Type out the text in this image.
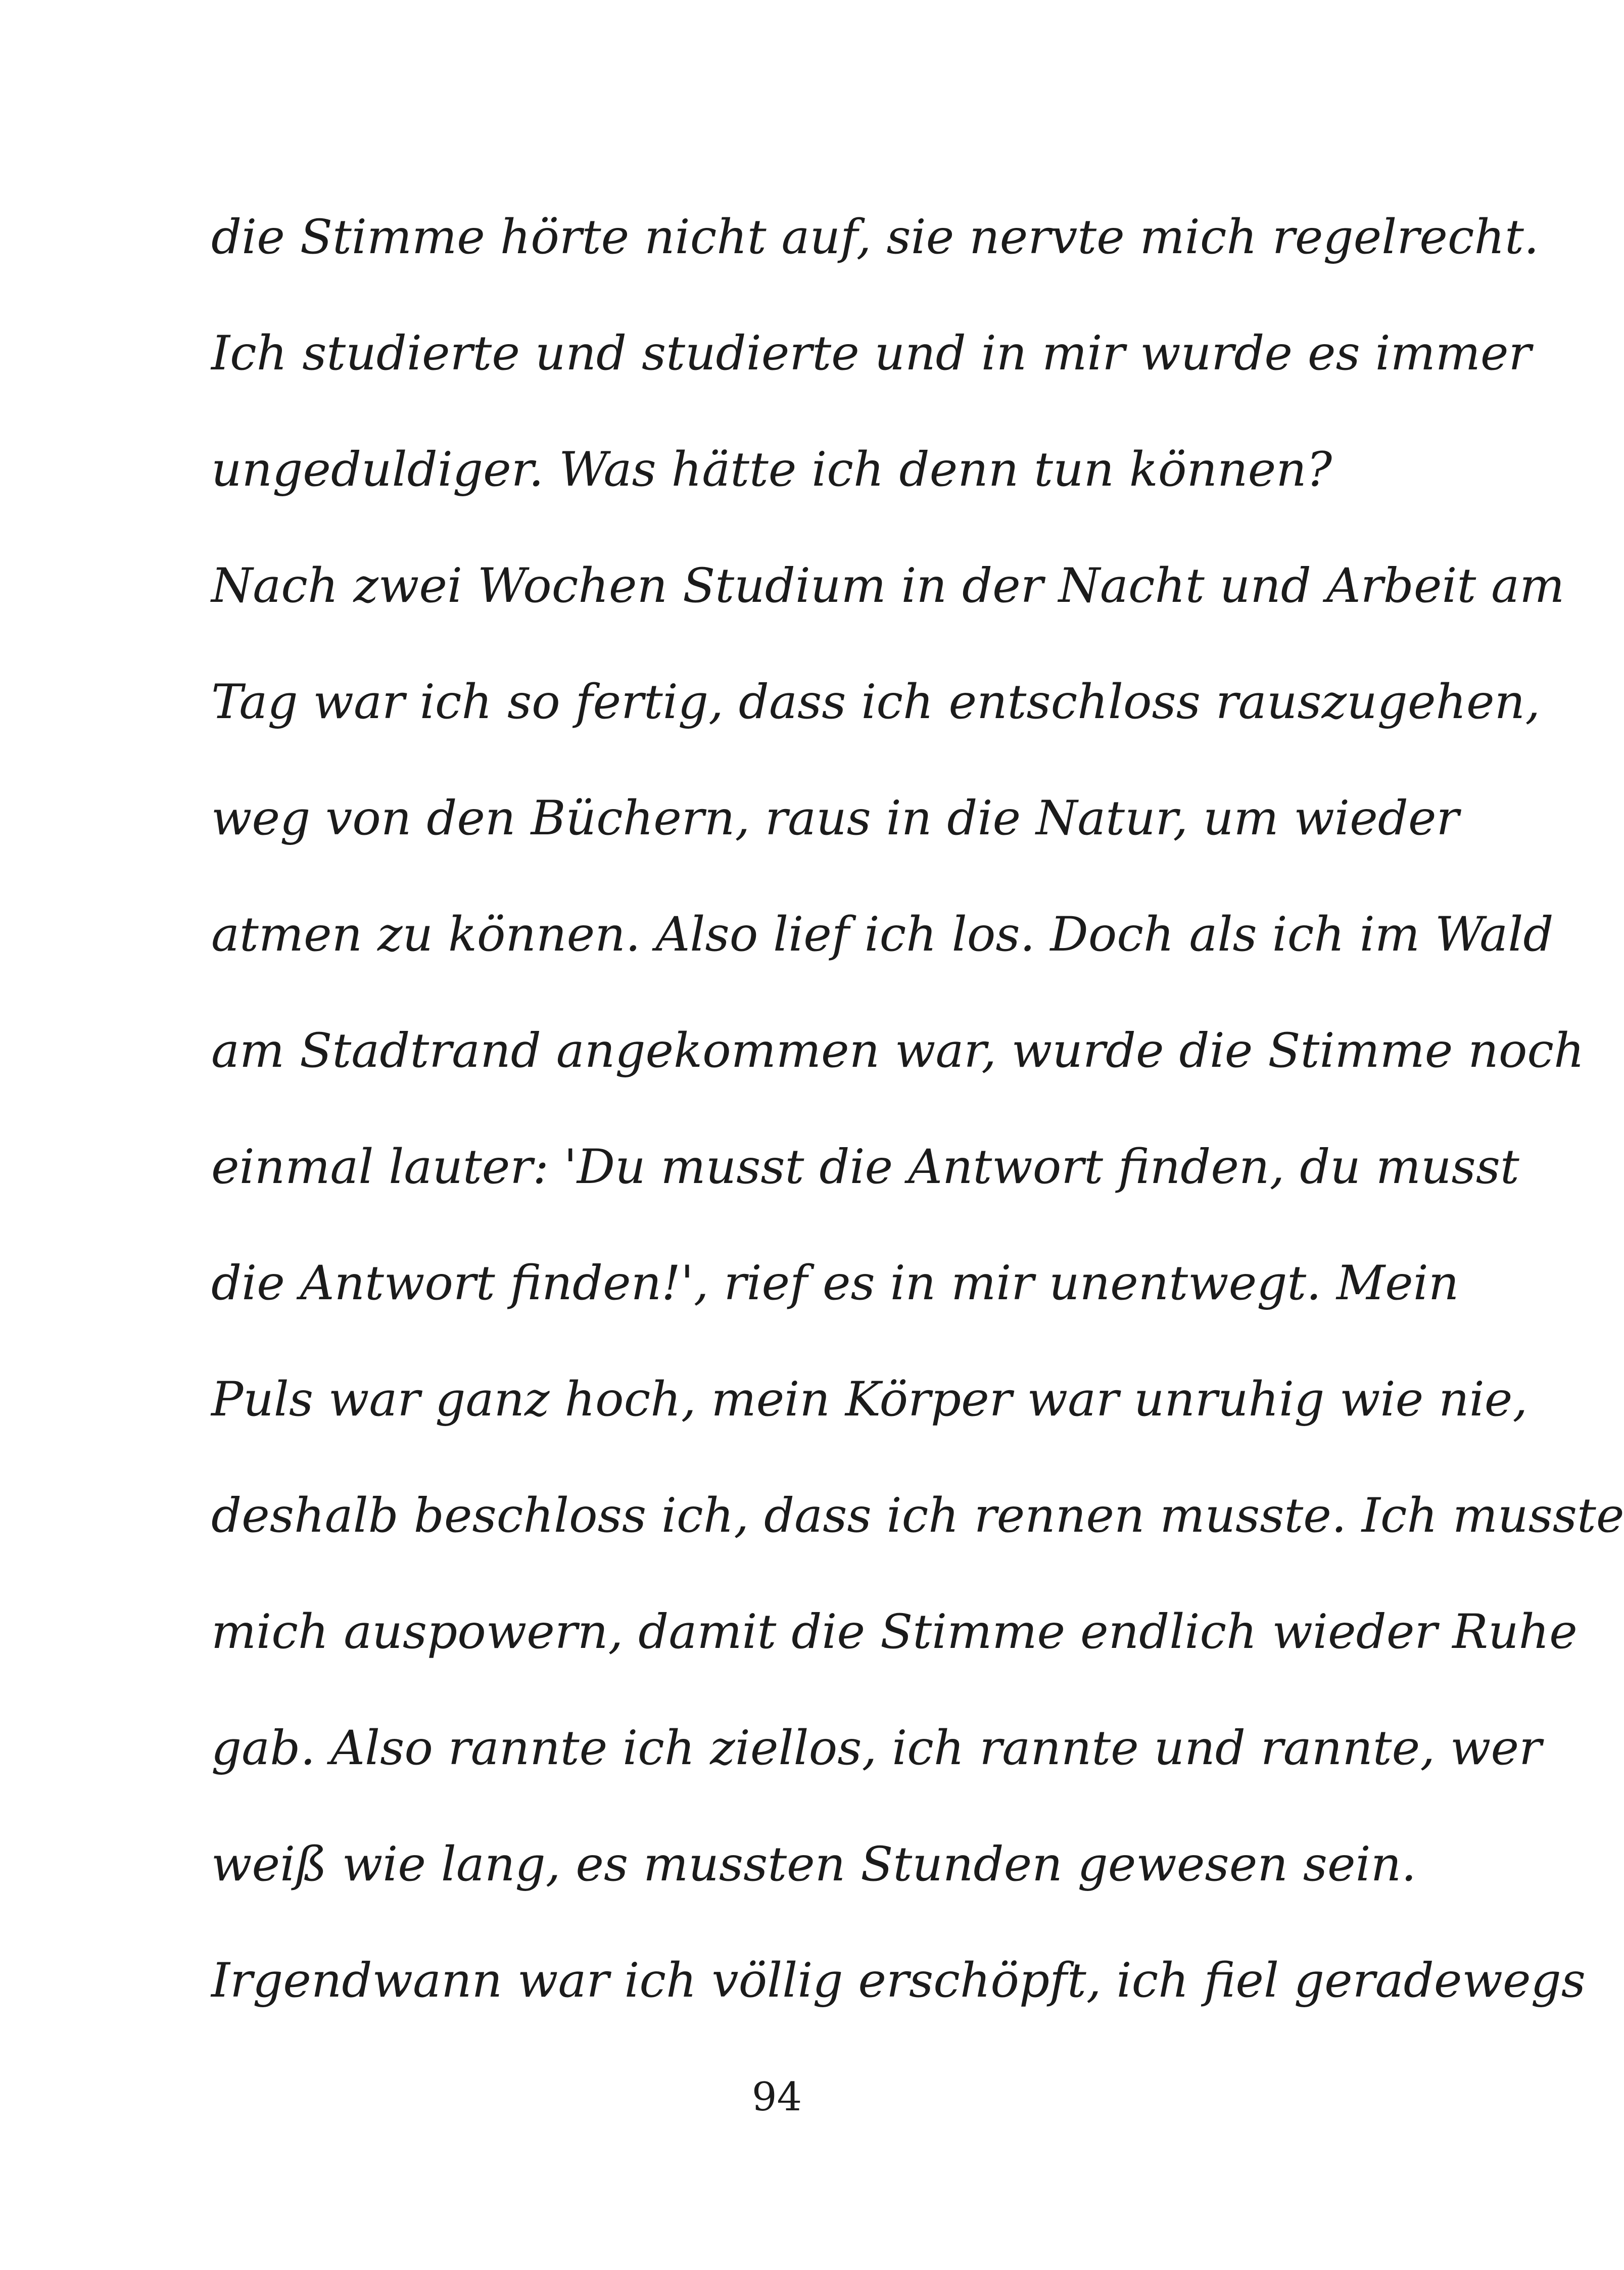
die Stimme hörte nicht auf, sie nervte mich regelrecht.
Ich studierte und studierte und in mir wurde es immer
ungeduldiger. Was hätte ich denn tun können?
Nach zwei Wochen Studium in der Nacht und Arbeit am
Tag war ich so fertig, dass ich entschloss rauszugehen,
weg von den Büchern, raus in die Natur, um wieder
atmen zu können. Also lief ich los. Doch als ich im Wald
am Stadtrand angekommen war, wurde die Stimme noch
einmal lauter: 'Du musst die Antwort finden, du musst
die Antwort finden!', rief es in mir unentwegt. Mein
Puls war ganz hoch, mein Körper war unruhig wie nie,
deshalb beschloss ich, dass ich rennen musste. Ich musste
mich auspowern, damit die Stimme endlich wieder Ruhe
gab. Also rannte ich ziellos, ich rannte und rannte, wer
weiß wie lang, es mussten Stunden gewesen sein.
Irgendwann war ich völlig erschöpft, ich fiel geradewegs
94
